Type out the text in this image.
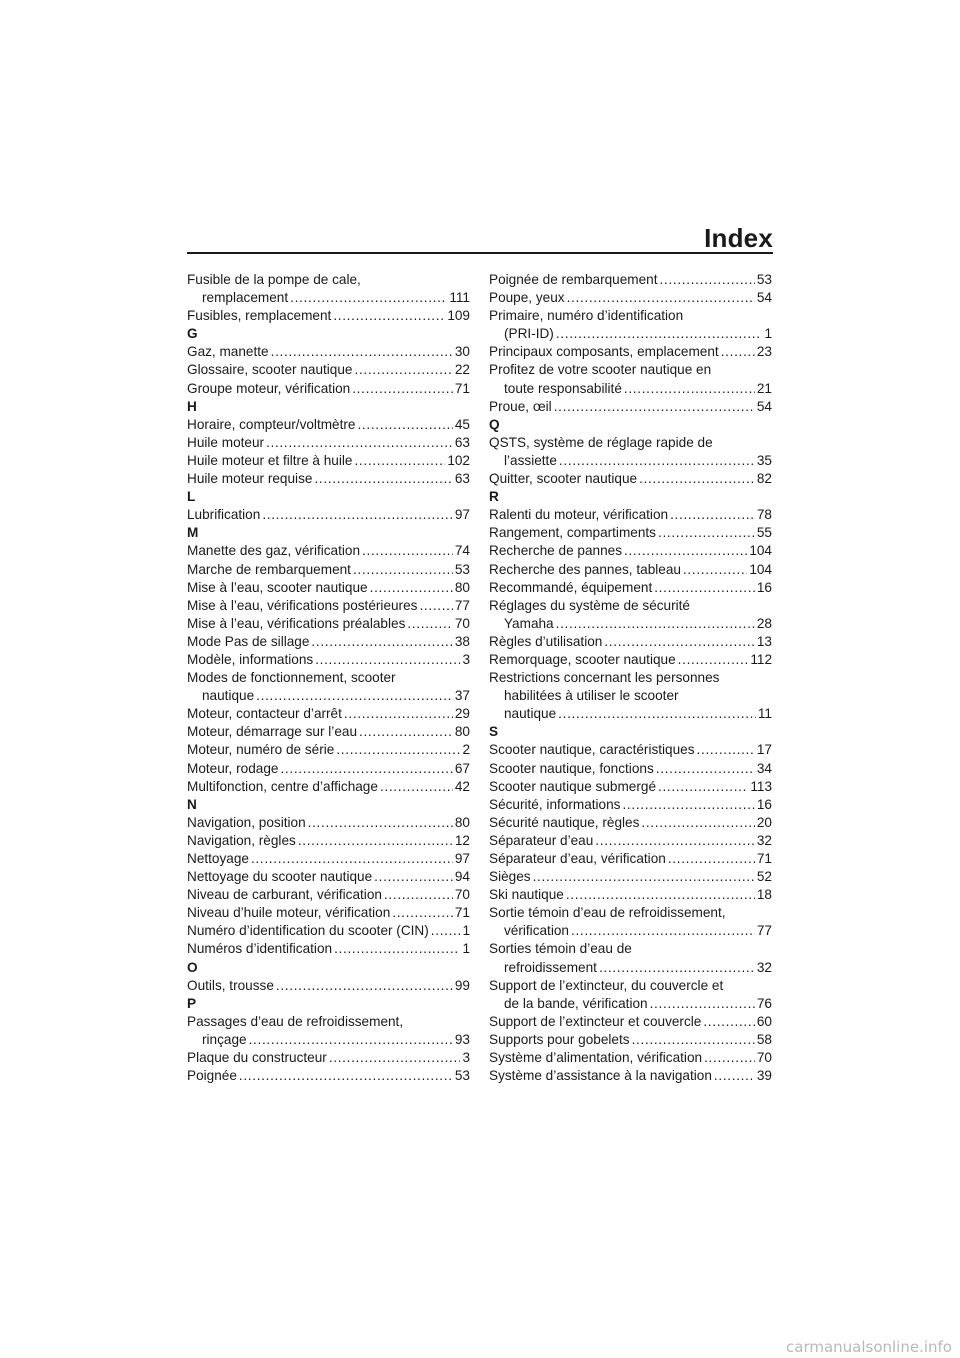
Index
Fusible de la pompe de cale,
remplacement . . .	111
Fusibles, remplacement . . .	109
G
Gaz, manette . . .	30
Glossaire, scooter nautique . . .	22
Groupe moteur, vérification . . .	71
H
Horaire, compteur/voltmètre . . .	45
Huile moteur . . .	63
Huile moteur et filtre à huile . . .	102
Huile moteur requise . . .	63
L
Lubrification . . .	97
M
Manette des gaz, vérification . . .	74
Marche de rembarquement . . .	53
Mise à l’eau, scooter nautique . . .	80
Mise à l’eau, vérifications postérieures . . .	77
Mise à l’eau, vérifications préalables . . .	70
Mode Pas de sillage . . .	38
Modèle, informations . . .	3
Modes de fonctionnement, scooter
nautique . . .	37
Moteur, contacteur d’arrêt . . .	29
Moteur, démarrage sur l’eau . . .	80
Moteur, numéro de série . . .	2
Moteur, rodage . . .	67
Multifonction, centre d’affichage . . .	42
N
Navigation, position . . .	80
Navigation, règles . . .	12
Nettoyage . . .	97
Nettoyage du scooter nautique . . .	94
Niveau de carburant, vérification . . .	70
Niveau d’huile moteur, vérification . . .	71
Numéro d’identification du scooter (CIN) . . . 1
Numéros d’identification . . .	1
O
Outils, trousse . . .	99
P
Passages d’eau de refroidissement,
rinçage . . .	93
Plaque du constructeur . . .	3
Poignée . . .	53
Poignée de rembarquement . . .	53
Poupe, yeux . . .	54
Primaire, numéro d’identification
(PRI-ID) . . .	1
Principaux composants, emplacement . . .	23
Profitez de votre scooter nautique en
toute responsabilité . . .	21
Proue, œil . . .	54
Q
QSTS, système de réglage rapide de
l’assiette . . .	35
Quitter, scooter nautique . . .	82
R
Ralenti du moteur, vérification . . .	78
Rangement, compartiments . . .	55
Recherche de pannes . . .	104
Recherche des pannes, tableau . . .	104
Recommandé, équipement . . .	16
Réglages du système de sécurité
Yamaha . . .	28
Règles d’utilisation . . .	13
Remorquage, scooter nautique . . .	112
Restrictions concernant les personnes
habilitées à utiliser le scooter
nautique . . .	11
S
Scooter nautique, caractéristiques . . .	17
Scooter nautique, fonctions . . .	34
Scooter nautique submergé . . .	113
Sécurité, informations . . .	16
Sécurité nautique, règles . . .	20
Séparateur d’eau . . .	32
Séparateur d’eau, vérification . . .	71
Sièges . . .	52
Ski nautique . . .	18
Sortie témoin d’eau de refroidissement,
vérification . . .	77
Sorties témoin d’eau de
refroidissement . . .	32
Support de l’extincteur, du couvercle et
de la bande, vérification . . .	76
Support de l’extincteur et couvercle . . .	60
Supports pour gobelets . . .	58
Système d’alimentation, vérification . . .	70
Système d’assistance à la navigation . . .	39
carmanualsonline.info
